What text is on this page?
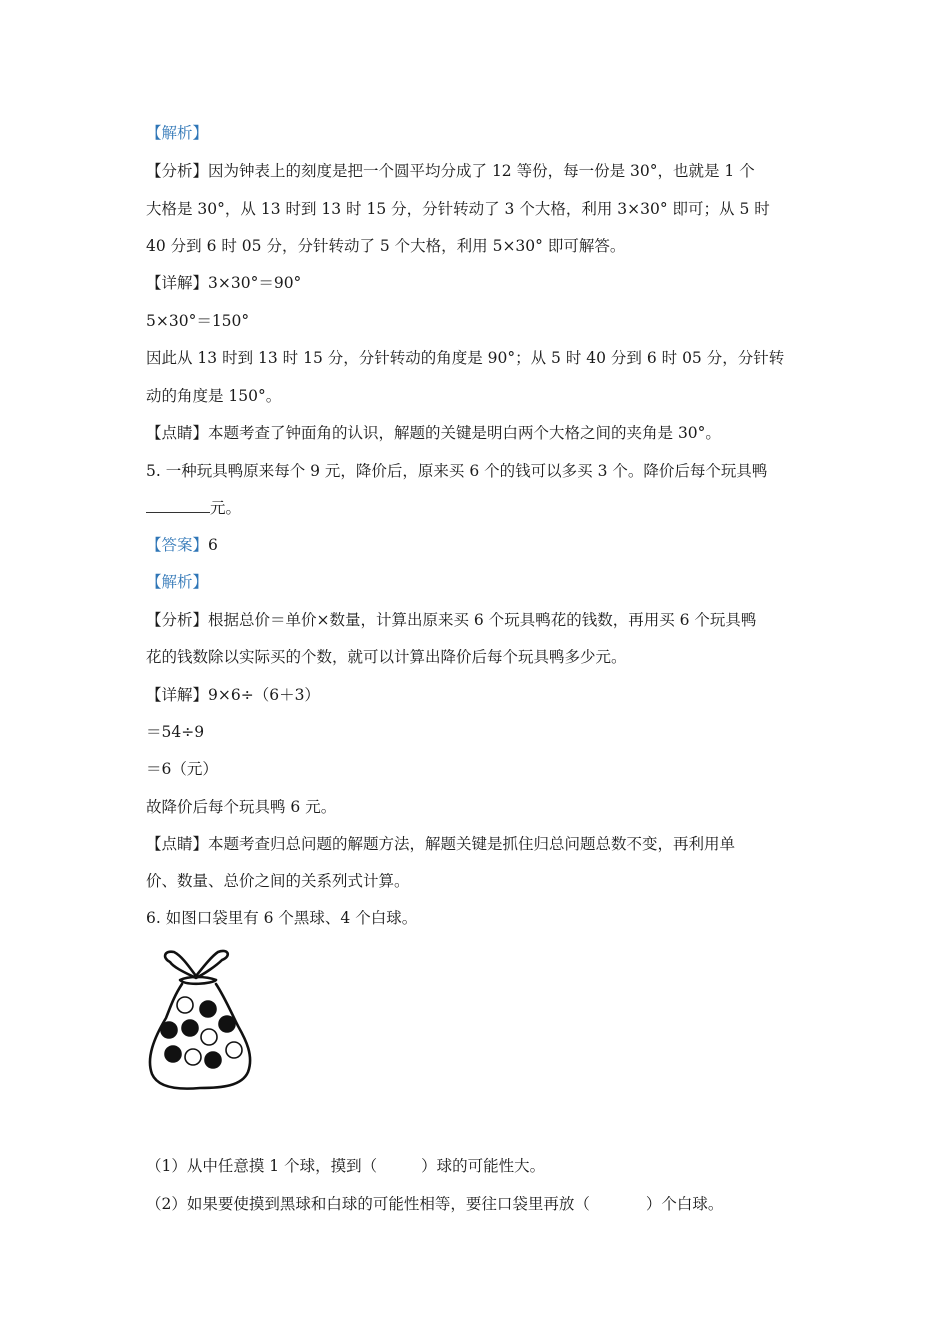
【解析】
【分析】因为钟表上的刻度是把一个圆平均分成了 12 等份，每一份是 30°，也就是 1 个
大格是 30°，从 13 时到 13 时 15 分，分针转动了 3 个大格，利用 3×30° 即可；从 5 时
40 分到 6 时 05 分，分针转动了 5 个大格，利用 5×30° 即可解答。
【详解】3×30°＝90°
5×30°＝150°
因此从 13 时到 13 时 15 分，分针转动的角度是 90°；从 5 时 40 分到 6 时 05 分，分针转
动的角度是 150°。
【点睛】本题考查了钟面角的认识，解题的关键是明白两个大格之间的夹角是 30°。
5. 一种玩具鸭原来每个 9 元，降价后，原来买 6 个的钱可以多买 3 个。降价后每个玩具鸭
元。
【答案】6
【解析】
【分析】根据总价＝单价×数量，计算出原来买 6 个玩具鸭花的钱数，再用买 6 个玩具鸭
花的钱数除以实际买的个数，就可以计算出降价后每个玩具鸭多少元。
【详解】9×6÷（6＋3）
＝54÷9
＝6（元）
故降价后每个玩具鸭 6 元。
【点睛】本题考查归总问题的解题方法，解题关键是抓住归总问题总数不变，再利用单
价、数量、总价之间的关系列式计算。
6. 如图口袋里有 6 个黑球、4 个白球。
（1）从中任意摸 1 个球，摸到（	）球的可能性大。
（2）如果要使摸到黑球和白球的可能性相等，要往口袋里再放（	）个白球。
